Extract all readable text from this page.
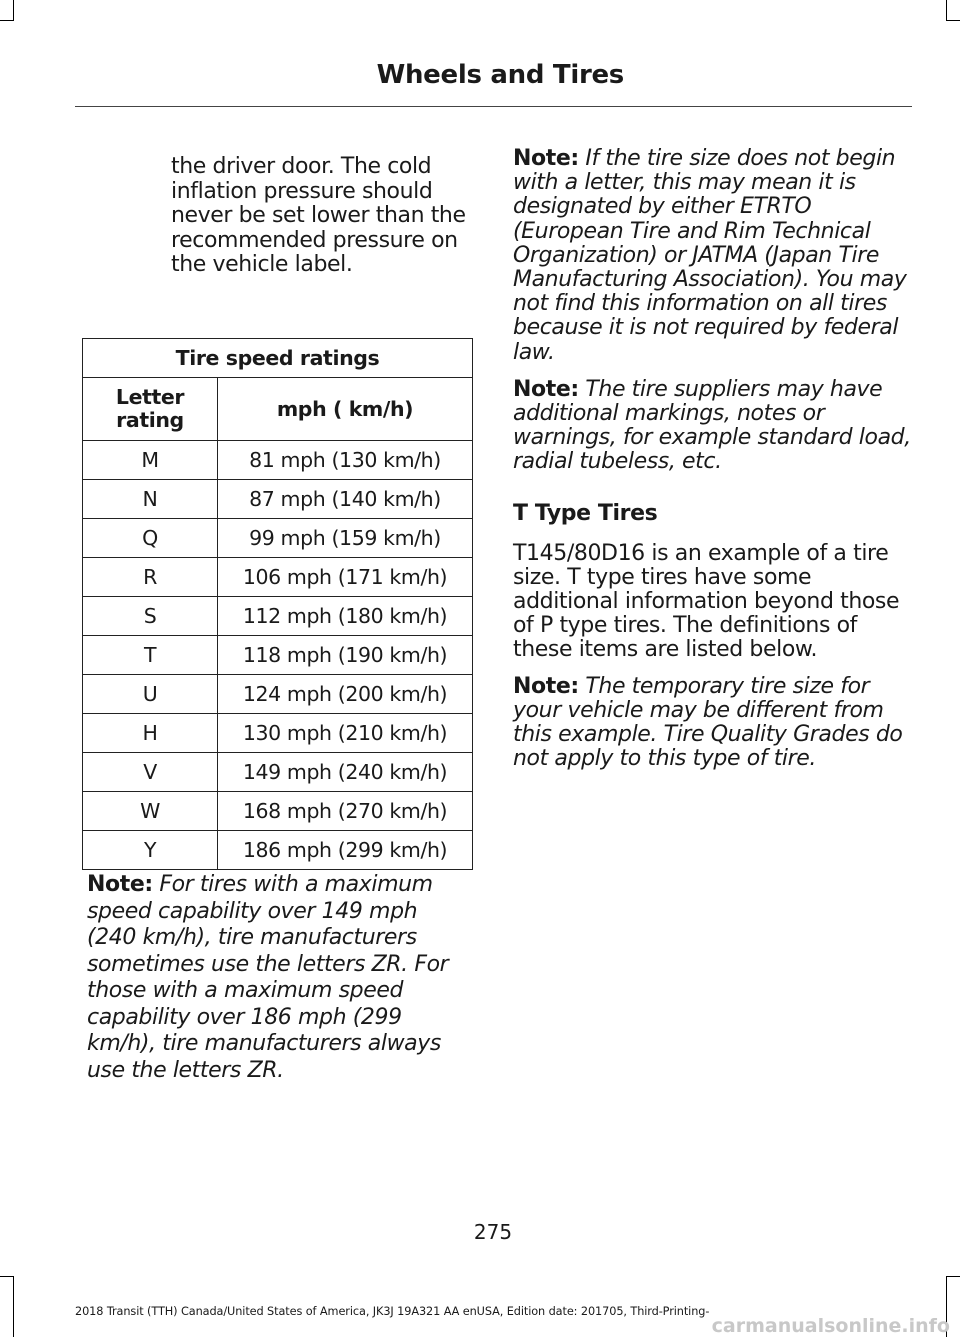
Wheels and Tires
the driver door. The cold inflation pressure should never be set lower than the recommended pressure on the vehicle label.
Tire speed ratings	
Letter rating	mph ( km/h)
M	81 mph (130 km/h)
N	87 mph (140 km/h)
Q	99 mph (159 km/h)
R	106 mph (171 km/h)
S	112 mph (180 km/h)
T	118 mph (190 km/h)
U	124 mph (200 km/h)
H	130 mph (210 km/h)
V	149 mph (240 km/h)
W	168 mph (270 km/h)
Y	186 mph (299 km/h)
Note: For tires with a maximum speed capability over 149 mph (240 km/h), tire manufacturers sometimes use the letters ZR. For those with a maximum speed capability over 186 mph (299 km/h), tire manufacturers always use the letters ZR.

Note: If the tire size does not begin with a letter, this may mean it is designated by either ETRTO (European Tire and Rim Technical Organization) or JATMA (Japan Tire Manufacturing Association). You may not find this information on all tires because it is not required by federal law.

Note: The tire suppliers may have additional markings, notes or warnings, for example standard load, radial tubeless, etc.

T Type Tires

T145/80D16 is an example of a tire size. T type tires have some additional information beyond those of P type tires. The definitions of these items are listed below.

Note: The temporary tire size for your vehicle may be different from this example. Tire Quality Grades do not apply to this type of tire.

275
2018 Transit (TTH) Canada/United States of America, JK3J 19A321 AA enUSA, Edition date: 201705, Third-Printing-
carmanualsonline.info
